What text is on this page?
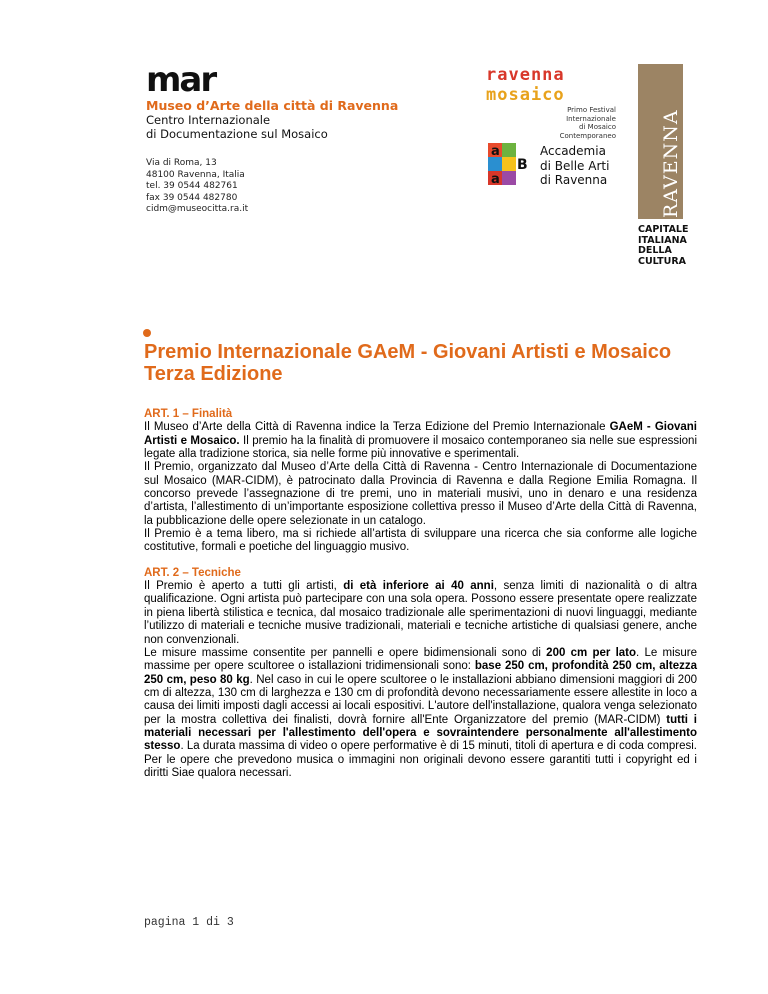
mar
Museo d’Arte della città di Ravenna
Centro Internazionale
di Documentazione sul Mosaico
Via di Roma, 13
48100 Ravenna, Italia
tel. 39 0544 482761
fax 39 0544 482780
cidm@museocitta.ra.it
ravenna
mosaico
Primo Festival
Internazionale
di Mosaico
Contemporaneo
a
B
a
Accademia
di Belle Arti
di Ravenna	RAVENNA 2015
CAPITALE
ITALIANA
DELLA
CULTURA
Premio Internazionale GAeM - Giovani Artisti e Mosaico
Terza Edizione

ART. 1 – Finalità

Il Museo d’Arte della Città di Ravenna indice la Terza Edizione del Premio Internazionale GAeM - Giovani Artisti e Mosaico. Il premio ha la finalità di promuovere il mosaico contemporaneo sia nelle sue espressioni legate alla tradizione storica, sia nelle forme più innovative e sperimentali.

Il Premio, organizzato dal Museo d’Arte della Città di Ravenna - Centro Internazionale di Documentazione sul Mosaico (MAR-CIDM), è patrocinato dalla Provincia di Ravenna e dalla Regione Emilia Romagna. Il concorso prevede l’assegnazione di tre premi, uno in materiali musivi, uno in denaro e una residenza d’artista, l’allestimento di un’importante esposizione collettiva presso il Museo d’Arte della Città di Ravenna, la pubblicazione delle opere selezionate in un catalogo.

Il Premio è a tema libero, ma si richiede all’artista di sviluppare una ricerca che sia conforme alle logiche costitutive, formali e poetiche del linguaggio musivo.

ART. 2 – Tecniche

Il Premio è aperto a tutti gli artisti, di età inferiore ai 40 anni, senza limiti di nazionalità o di altra qualificazione. Ogni artista può partecipare con una sola opera. Possono essere presentate opere realizzate in piena libertà stilistica e tecnica, dal mosaico tradizionale alle sperimentazioni di nuovi linguaggi, mediante l’utilizzo di materiali e tecniche musive tradizionali, materiali e tecniche artistiche di qualsiasi genere, anche non convenzionali.

Le misure massime consentite per pannelli e opere bidimensionali sono di 200 cm per lato. Le misure massime per opere scultoree o istallazioni tridimensionali sono: base 250 cm, profondità 250 cm, altezza 250 cm, peso 80 kg. Nel caso in cui le opere scultoree o le installazioni abbiano dimensioni maggiori di 200 cm di altezza, 130 cm di larghezza e 130 cm di profondità devono necessariamente essere allestite in loco a causa dei limiti imposti dagli accessi ai locali espositivi. L'autore dell'installazione, qualora venga selezionato per la mostra collettiva dei finalisti, dovrà fornire all'Ente Organizzatore del premio (MAR-CIDM) tutti i materiali necessari per l'allestimento dell'opera e sovraintendere personalmente all'allestimento stesso. La durata massima di video o opere performative è di 15 minuti, titoli di apertura e di coda compresi. Per le opere che prevedono musica o immagini non originali devono essere garantiti tutti i copyright ed i diritti Siae qualora necessari.

pagina 1 di 3
